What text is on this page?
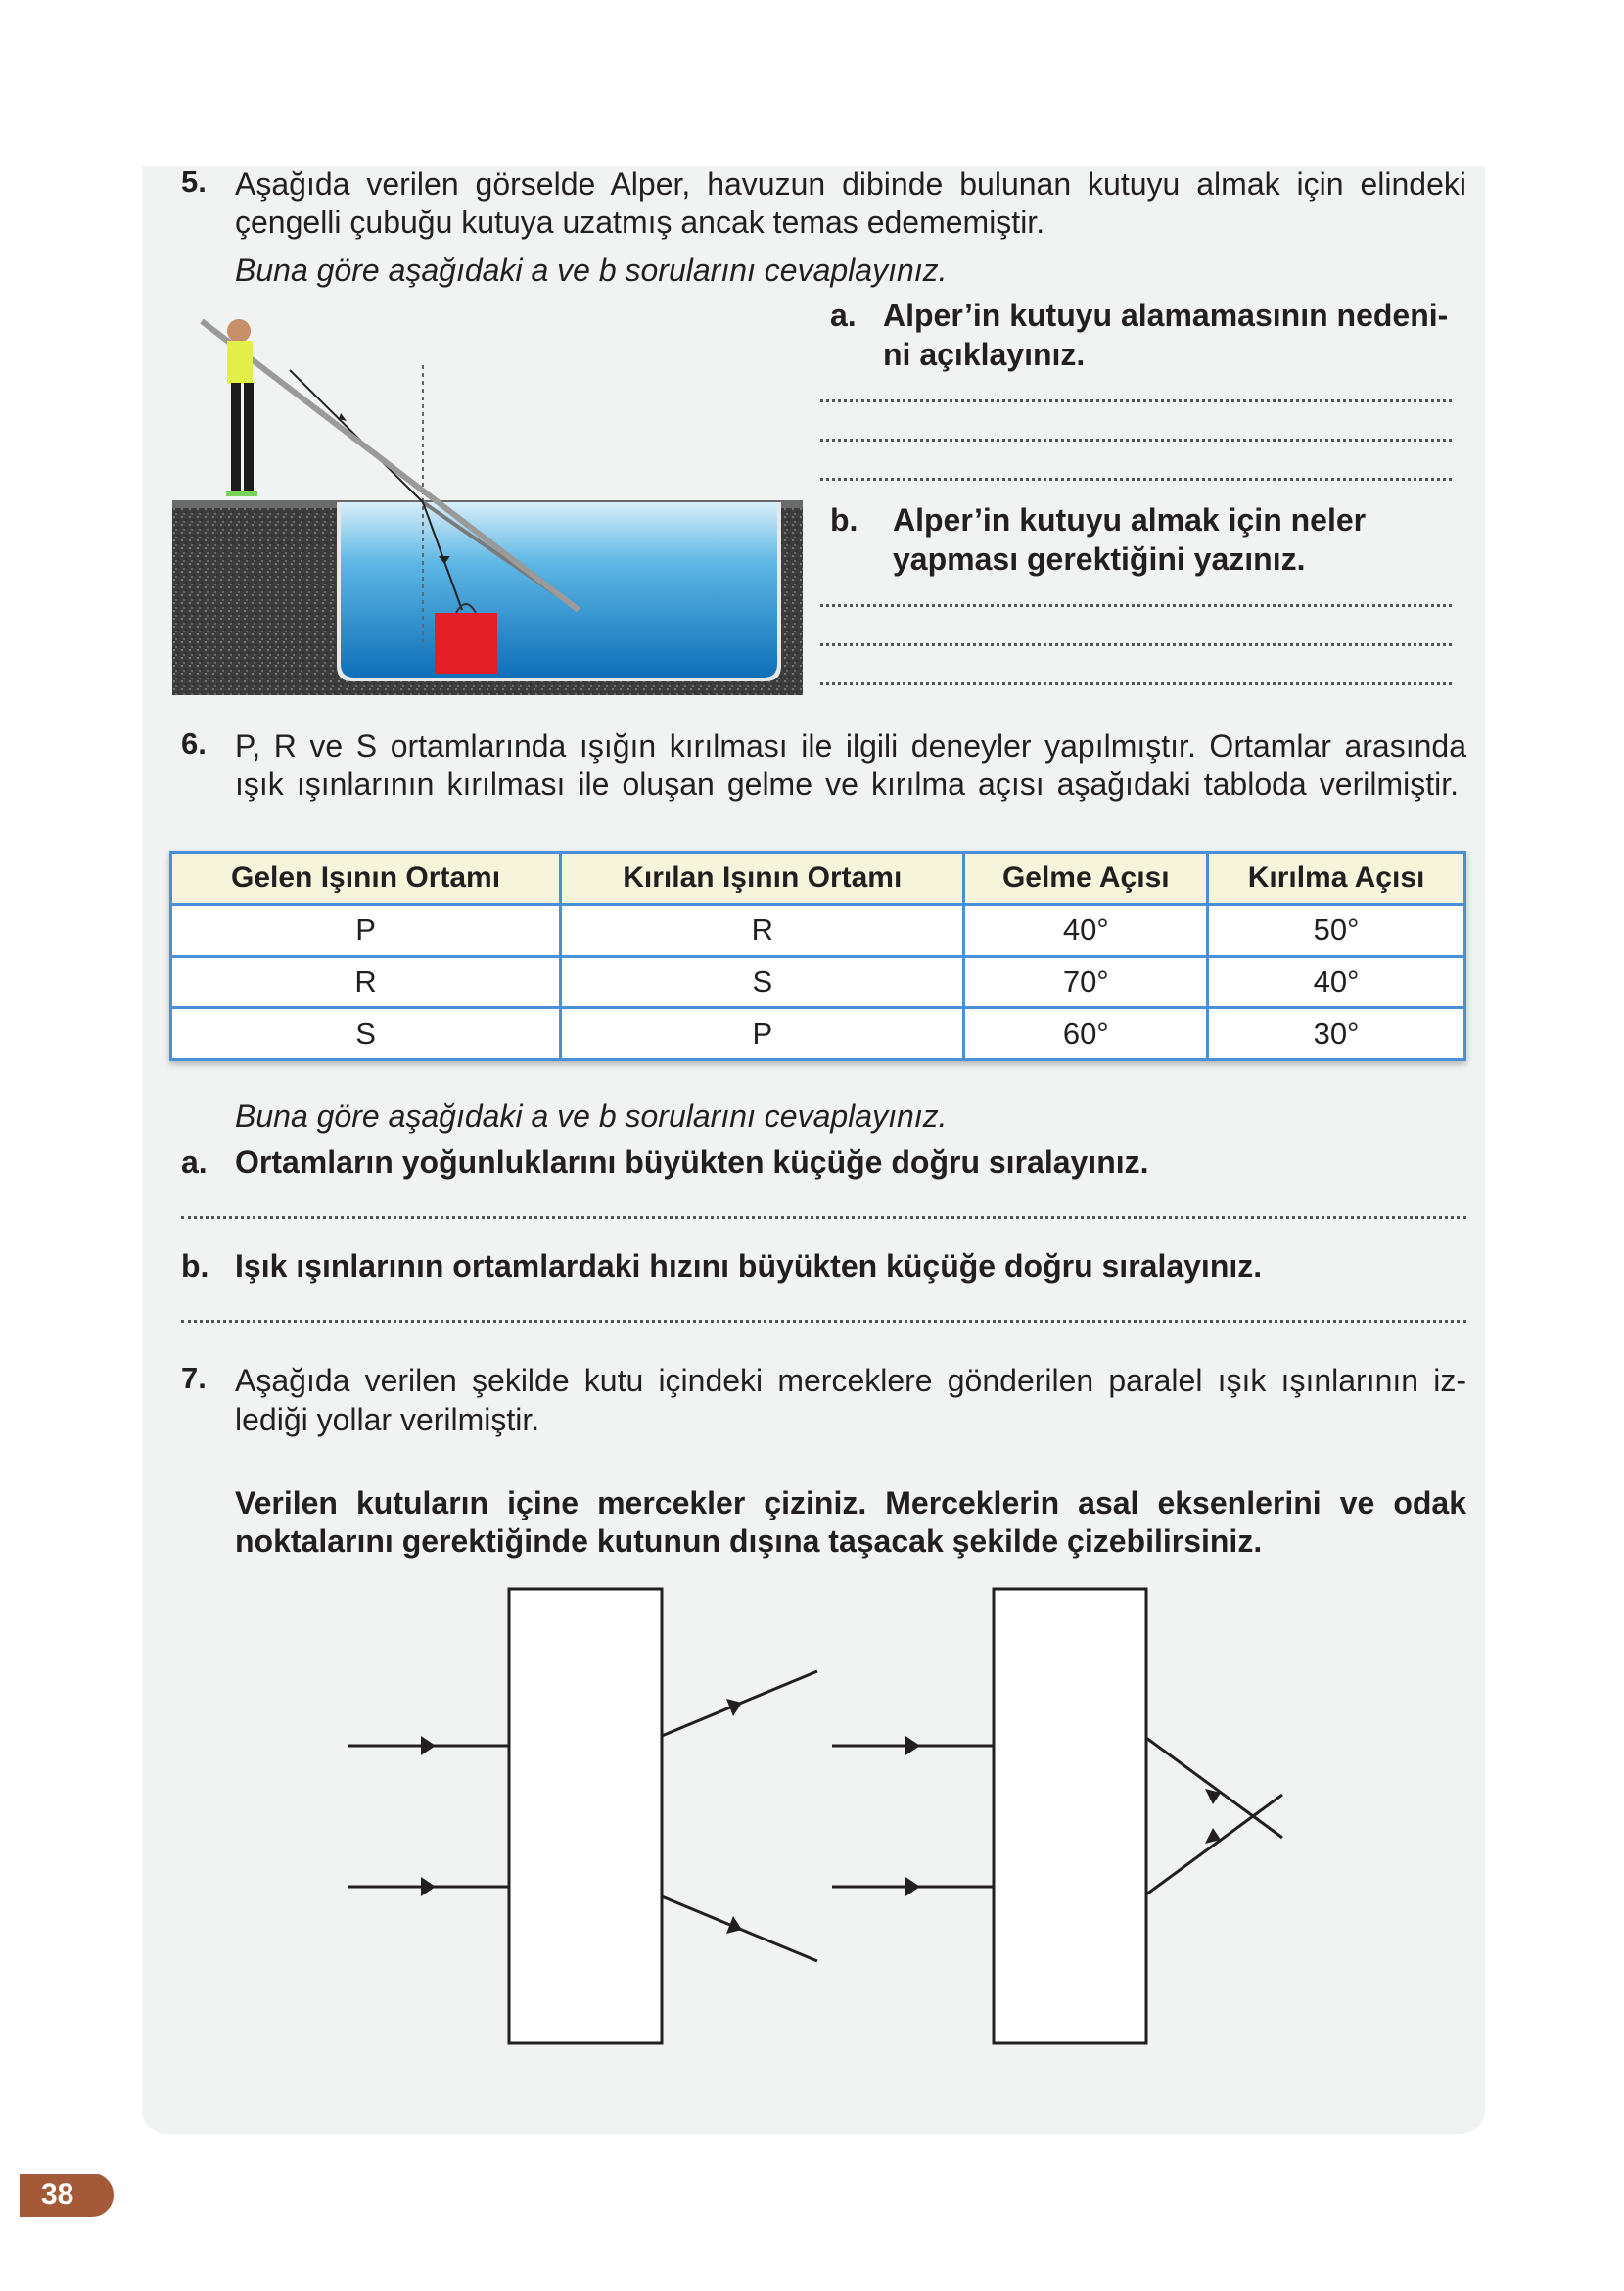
5. Aşağıda verilen görselde Alper, havuzun dibinde bulunan kutuyu almak için elindeki
çengelli çubuğu kutuya uzatmış ancak temas edememiştir.
Buna göre aşağıdaki a ve b sorularını cevaplayınız.
a. Alper’in kutuyu alamamasının nedeni-
ni açıklayınız.
b. Alper’in kutuyu almak için neler
yapması gerektiğini yazınız.
6. P, R ve S ortamlarında ışığın kırılması ile ilgili deneyler yapılmıştır. Ortamlar arasında
ışık ışınlarının kırılması ile oluşan gelme ve kırılma açısı aşağıdaki tabloda verilmiştir.
Gelen Işının Ortamı	Kırılan Işının Ortamı	Gelme Açısı	Kırılma Açısı
P	R	40°	50°
R	S	70°	40°
S	P	60°	30°
Buna göre aşağıdaki a ve b sorularını cevaplayınız.
a. Ortamların yoğunluklarını büyükten küçüğe doğru sıralayınız.
b. Işık ışınlarının ortamlardaki hızını büyükten küçüğe doğru sıralayınız.
7. Aşağıda verilen şekilde kutu içindeki merceklere gönderilen paralel ışık ışınlarının iz-
lediği yollar verilmiştir.
Verilen kutuların içine mercekler çiziniz. Merceklerin asal eksenlerini ve odak
noktalarını gerektiğinde kutunun dışına taşacak şekilde çizebilirsiniz.
38
